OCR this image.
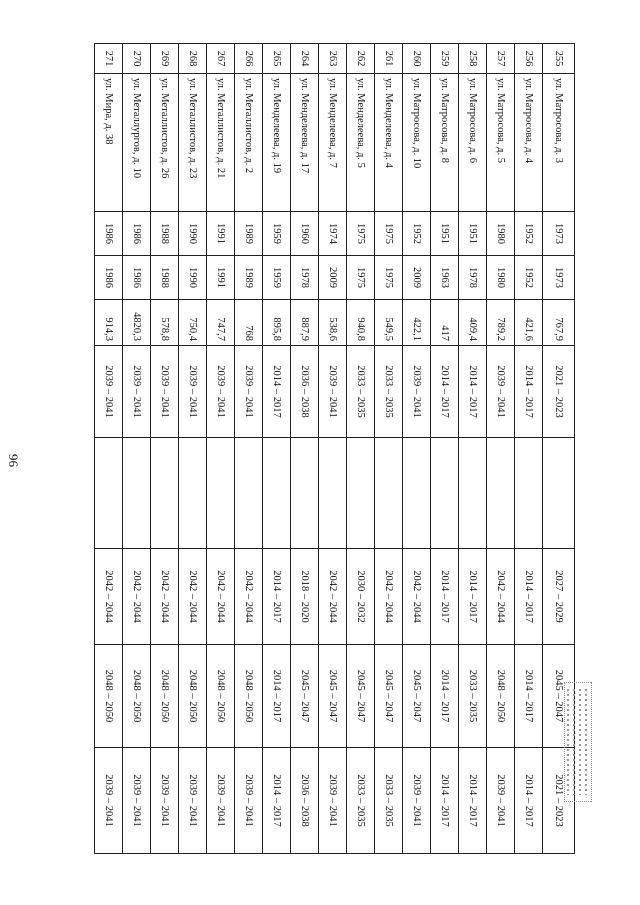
96
255	ул. Матросова, д. 3	1973	1973	767,9	2021 – 2023		2027 – 2029	2045 – 2047	2021 – 2023
256	ул. Матросова, д. 4	1952	1952	421,6	2014 – 2017		2014 – 2017	2014 – 2017	2014 – 2017
257	ул. Матросова, д. 5	1980	1980	789,2	2039 – 2041		2042 – 2044	2048 – 2050	2039 – 2041
258	ул. Матросова, д. 6	1951	1978	409,4	2014 – 2017		2014 – 2017	2033 – 2035	2014 – 2017
259	ул. Матросова, д. 8	1951	1963	417	2014 – 2017		2014 – 2017	2014 – 2017	2014 – 2017
260	ул. Матросова, д. 10	1952	2009	422,1	2039 – 2041		2042 – 2044	2045 – 2047	2039 – 2041
261	ул. Менделеева, д. 4	1975	1975	549,5	2033 – 2035		2042 – 2044	2045 – 2047	2033 – 2035
262	ул. Менделеева, д. 5	1975	1975	940,8	2033 – 2035		2030 – 2032	2045 – 2047	2033 – 2035
263	ул. Менделеева, д. 7	1974	2009	538,6	2039 – 2041		2042 – 2044	2045 – 2047	2039 – 2041
264	ул. Менделеева, д. 17	1960	1978	887,9	2036 – 2038		2018 – 2020	2045 – 2047	2036 – 2038
265	ул. Менделеева, д. 19	1959	1959	895,8	2014 – 2017		2014 – 2017	2014 – 2017	2014 – 2017
266	ул. Металлистов, д. 2	1989	1989	768	2039 – 2041		2042 – 2044	2048 – 2050	2039 – 2041
267	ул. Металлистов, д. 21	1991	1991	747,7	2039 – 2041		2042 – 2044	2048 – 2050	2039 – 2041
268	ул. Металлистов, д. 23	1990	1990	750,4	2039 – 2041		2042 – 2044	2048 – 2050	2039 – 2041
269	ул. Металлистов, д. 26	1988	1988	578,8	2039 – 2041		2042 – 2044	2048 – 2050	2039 – 2041
270	ул. Металлургов, д. 10	1986	1986	4820,3	2039 – 2041		2042 – 2044	2048 – 2050	2039 – 2041
271	ул. Мира, д. 38	1986	1986	914,3	2039 – 2041		2042 – 2044	2048 – 2050	2039 – 2041
